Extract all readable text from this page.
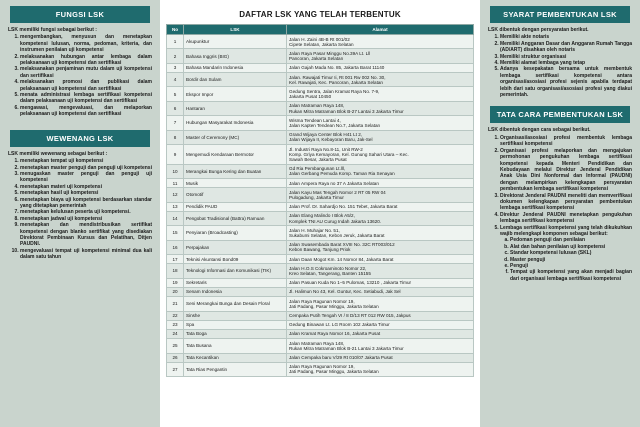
FUNGSI LSK
LSK memiliki fungsi sebagai berikut :
1. mengembangkan, menyusun dan menetapkan kompetensi lulusan, norma, pedoman, kriteria, dan instrumen penilaian uji kompetensi
2. melaksanakan hubungan antar lembaga dalam pelaksanaan uji kompetensi dan sertifikasi
3. melaksanakan penjaminan mutu dalam uji kompetensi dan sertifikasi
4. melaksanakan promosi dan publikasi dalam pelaksanaan uji kompetensi dan sertifikasi
5. menata administrasi lembaga sertifikasi kompetensi dalam pelaksanaan uji kompetensi dan sertifikasi
6. mengawasi, mengevaluasi, dan melaporkan pelaksanaan uji kompetensi dan sertifikasi
WEWENANG LSK
LSK memiliki wewenang sebagai berikut :
1. menetapkan tempat uji kompetensi
2. menetapkan master penguji dan penguji uji kompetensi
3. menugaskan master penguji dan penguji uji kompetensi
4. menetapkan materi uji kompetensi
5. menetapkan hasil uji kompetensi
6. menetapkan biaya uji kompetensi berdasarkan standar yang ditetapkan pemerintah
7. menetapkan kelulusan peserta uji kompetensi.
8. menetapkan jadwal uji kompetensi
9. menetapkan dan mendistribusikan sertifikat kompetensi dengan blanko sertifikat yang disediakan Direktorat Pembinaan Kursus dan Pelatihan, Ditjen PAUDNI.
10. mengevaluasi tempat uji kompetensi minimal dua kali dalam satu tahun
DAFTAR LSK YANG TELAH TERBENTUK
No	LSK	Alamat
1	Akupunktur	Jalan H. Zaini 4B-B Rt 001/02
Cipete Selatan, Jakarta Selatan
2	Bahasa Inggris (BIG)	Jalan Raya Pasar Minggu No.39A Lt. Lll
Pancoran, Jakarta Selatan
3	Bahasa Mandarin Indonesia	Jalan Gajah Mada No. 85, Jakarta Barat 11140
4	Bordir dan Sulam	Jalan. Rawajati Timur Ii, Rt 001 Rw 002 No. 30,
Kel. Rawajati, Kec. Pancoran, Jakarta Selatan
5	Ekspor Impor	Gedung Sentra, Jalan Kramat Raya No. 7-9,
Jakarta Pusat 10450
6	Hantaran	Jalan Matraman Raya 148,
Rukan Mitra Matraman Blok B-27 Lantai 3 Jakarta Timur
7	Hubungan Masyarakat Indonesia	Wisma Tendean Lantai 4,
Jalan Kapten Tendean No.7, Jakarta Selatan
8	Master of Ceremony (MC)	Grand Wijaya Center Blok H41 Lt 2,
Jalan Wijaya II, Kebayoran Baru, Jak-Sel
9	Mengemudi Kendaraan Bermotor	Jl. Industri Raya No.8-11, Unit RW-2
Komp. Griya Kemayoran, Kel. Gunung Sahari Utara – Kec.
Sawah Besar, Jakarta Pusat
10	Merangkai Bunga Kering dan Buatan	Gd Ria Pembangunan Lt.lll,
Jalan Gerbang Pemuda Komp. Taman Ria Senayan
11	Musik	Jalan Ampera Raya no 37 A Jakarta Selatan
12	Otomotif	Jalan Kayu Mas Tengah Nomor 2 RT 05 RW 04
Pulogadung, Jakarta Timur
13	Pendidik PAUD	Jalan Prof. Dr. Sahardjo No. 151 Tebet, Jakarta Barat
14	Pengobat Tradisional (Battra) Ramuan	Jalan Elang Malindo I Blok A5/2,
Komplek TNI AU Curug Indah Jakarta 13620.
15	Penyiaran (Broadcasting)	Jalan H. Muhajar No. 51,
Sukabumi Selatan, Kebon Jeruk, Jakarta Barat
16	Perpajakan	Jalan Swasembada Barat XVIII No. 32C RT003/012
Kebon Bawang, Tanjung Priok
17	Teknisi Akuntansi Bond09	Jalan Daan Mogot Km. 14 Nomor 84, Jakarta Barat
18	Teknologi Informasi dan Komunikasi (TIK)	Jalan H.O.S Cokroaminoto Nomor 22,
Kreo Selatan, Tangerang, Banten 15155
19	Sekretaris	Jalan Pasuan Kuda No 1–5 Pulomas, 13210 , Jakarta Timur
20	Senam Indonesia	Jl. Halimun No 43, Kel. Guntur, Kec. Setiabudi, Jak Sel
21	Seni Merangkai Bunga dan Desain Floral	Jalan Raya Ragunan Nomor 19,
Jati Padang, Pasar Minggu, Jakarta Selatan
22	Sinshe	Cempaka Putih Tengah VI / 8 D/13 RT 012 RW 015, Jakpus
23	Spa	Gedung Binawan Lt. LG Room 102 Jakarta Timur
24	Tata Boga	Jalan Kramat Raya Nomor 16, Jakarta Pusat
25	Tata Busana	Jalan Matraman Raya 148,
Rukan Mitra Matraman Blok B-21 Lantai 3 Jakarta Timur
26	Tata Kecantikan	Jalan Cempaka baru V/29 Rt 010/07 Jakarta Pusat
27	Tata Rias Pengantin	Jalan Raya Ragunan Nomor 19,
Jati Padang, Pasar Minggu, Jakarta Selatan
SYARAT PEMBENTUKAN LSK
LSK dibentuk dengan persyaratan berikut.
1. Memiliki akte notaris
2. Memiliki Anggaran Dasar dan Anggaran Rumah Tangga (AD/ART) disahkan oleh notaris
3. Memiliki struktur organisasi
4. Memiliki alamat lembaga yang tetap
5. Adanya kesepakatan bersama untuk membentuk lembaga sertifikasi kompetensi antara organisasi/asosiasi profesi sejenis apabila terdapat lebih dari satu organisasi/asosiasi profesi yang diakui pemerintah.
TATA CARA PEMBENTUKAN LSK
LSK dibentuk dengan cara sebagai berikut.
1. Organisasi/asosiasi profesi membentuk lembaga sertifikasi kompetensi
2. Organisasi profesi melaporkan dan mengajukan permohonan pengukuhan lembaga sertifikasi kompetensi kepada Menteri Pendidikan dan Kebudayaan melalui Direktur Jenderal Pendidikan Anak Usia Dini Nonformal dan Informal (PAUDNI) dengan melampirkan kelengkapan persyaratan pembentukan lembaga sertifikasi kompetensi
3. Direktorat Jenderal PAUDNI meneliti dan memverifikasi dokumen kelengkapan persyaratan pembentukan lembaga sertifikasi kompetensi
4. Direktur Jenderal PAUDNI menetapkan pengukuhan lembaga sertifikasi kompetensi
5. Lembaga sertifikasi kompetensi yang telah dikukuhkan wajib melengkapi komponen sebagai berikut:
a. Pedoman penguji dan penilaian
b. Alat dan bahan penilaian uji kompetensi
c. Standar kompetensi lulusan (SKL)
d. Master penguji
e. Penguji
f. Tempat uji kompetensi yang akan menjadi bagian dari organisasi lembaga sertifikasi kompetensi
